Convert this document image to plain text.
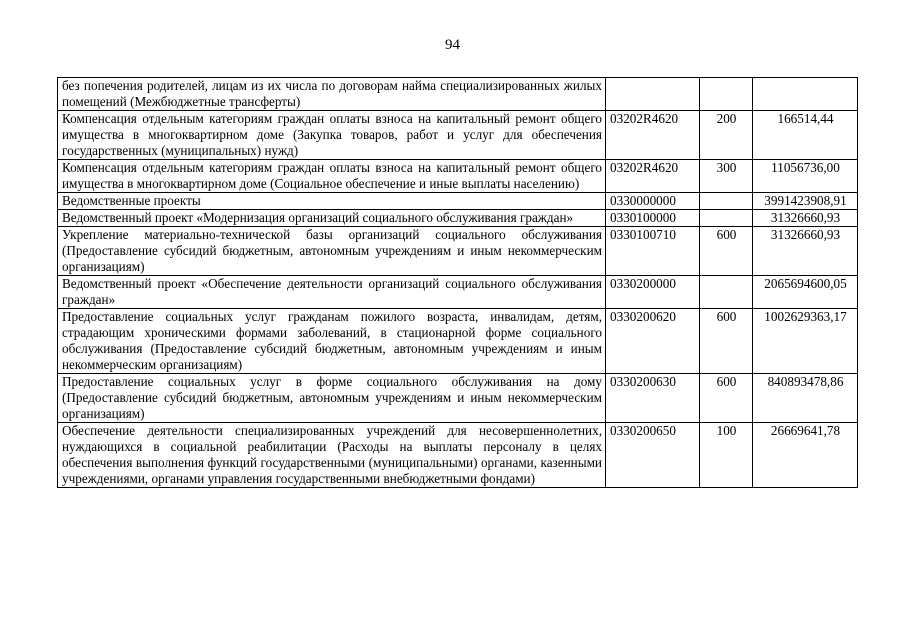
94
без попечения родителей, лицам из их числа по договорам найма специализированных жилых помещений (Межбюджетные трансферты)			
Компенсация отдельным категориям граждан оплаты взноса на капитальный ремонт общего имущества в многоквартирном доме (Закупка товаров, работ и услуг для обеспечения государственных (муниципальных) нужд)	03202R4620	200	166514,44
Компенсация отдельным категориям граждан оплаты взноса на капитальный ремонт общего имущества в многоквартирном доме (Социальное обеспечение и иные выплаты населению)	03202R4620	300	11056736,00
Ведомственные проекты	0330000000		3991423908,91
Ведомственный проект «Модернизация организаций социального обслуживания граждан»	0330100000		31326660,93
Укрепление материально-технической базы организаций социального обслуживания (Предоставление субсидий бюджетным, автономным учреждениям и иным некоммерческим организациям)	0330100710	600	31326660,93
Ведомственный проект «Обеспечение деятельности организаций социального обслуживания граждан»	0330200000		2065694600,05
Предоставление социальных услуг гражданам пожилого возраста, инвалидам, детям, страдающим хроническими формами заболеваний, в стационарной форме социального обслуживания (Предоставление субсидий бюджетным, автономным учреждениям и иным некоммерческим организациям)	0330200620	600	1002629363,17
Предоставление социальных услуг в форме социального обслуживания на дому (Предоставление субсидий бюджетным, автономным учреждениям и иным некоммерческим организациям)	0330200630	600	840893478,86
Обеспечение деятельности специализированных учреждений для несовершеннолетних, нуждающихся в социальной реабилитации (Расходы на выплаты персоналу в целях обеспечения выполнения функций государственными (муниципальными) органами, казенными учреждениями, органами управления государственными внебюджетными фондами)	0330200650	100	26669641,78
